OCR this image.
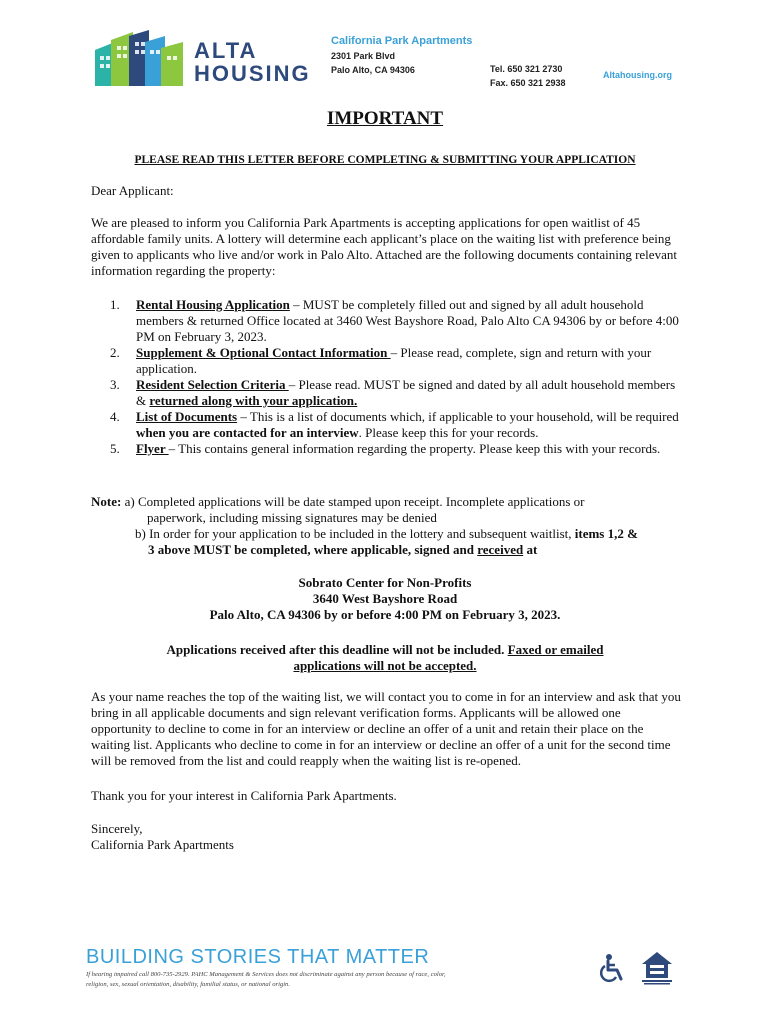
ALTA
HOUSING
California Park Apartments
2301 Park Blvd
Palo Alto, CA 94306	Tel. 650 321 2730
Fax. 650 321 2938
Altahousing.org
IMPORTANT
PLEASE READ THIS LETTER BEFORE COMPLETING & SUBMITTING YOUR APPLICATION
Dear Applicant:
We are pleased to inform you California Park Apartments is accepting applications for open waitlist of 45 affordable family units. A lottery will determine each applicant’s place on the waiting list with preference being given to applicants who live and/or work in Palo Alto. Attached are the following documents containing relevant information regarding the property:
1. Rental Housing Application – MUST be completely filled out and signed by all adult household members & returned Office located at 3460 West Bayshore Road, Palo Alto CA 94306 by or before 4:00 PM on February 3, 2023.
2. Supplement & Optional Contact Information – Please read, complete, sign and return with your application.
3. Resident Selection Criteria – Please read. MUST be signed and dated by all adult household members & returned along with your application.
4. List of Documents – This is a list of documents which, if applicable to your household, will be required when you are contacted for an interview. Please keep this for your records.
5. Flyer – This contains general information regarding the property. Please keep this with your records.
Note: a) Completed applications will be date stamped upon receipt. Incomplete applications or
paperwork, including missing signatures may be denied
b) In order for your application to be included in the lottery and subsequent waitlist, items 1,2 &
3 above MUST be completed, where applicable, signed and received at
Sobrato Center for Non-Profits
3640 West Bayshore Road
Palo Alto, CA 94306 by or before 4:00 PM on February 3, 2023.
Applications received after this deadline will not be included. Faxed or emailed
applications will not be accepted.
As your name reaches the top of the waiting list, we will contact you to come in for an interview and ask that you bring in all applicable documents and sign relevant verification forms. Applicants will be allowed one opportunity to decline to come in for an interview or decline an offer of a unit and retain their place on the waiting list. Applicants who decline to come in for an interview or decline an offer of a unit for the second time will be removed from the list and could reapply when the waiting list is re-opened.
Thank you for your interest in California Park Apartments.
Sincerely,
California Park Apartments
BUILDING STORIES THAT MATTER
If hearing impaired call 800-735-2929. PAHC Management & Services does not discriminate against any person because of race, color, religion, sex, sexual orientation, disability, familial status, or national origin.
